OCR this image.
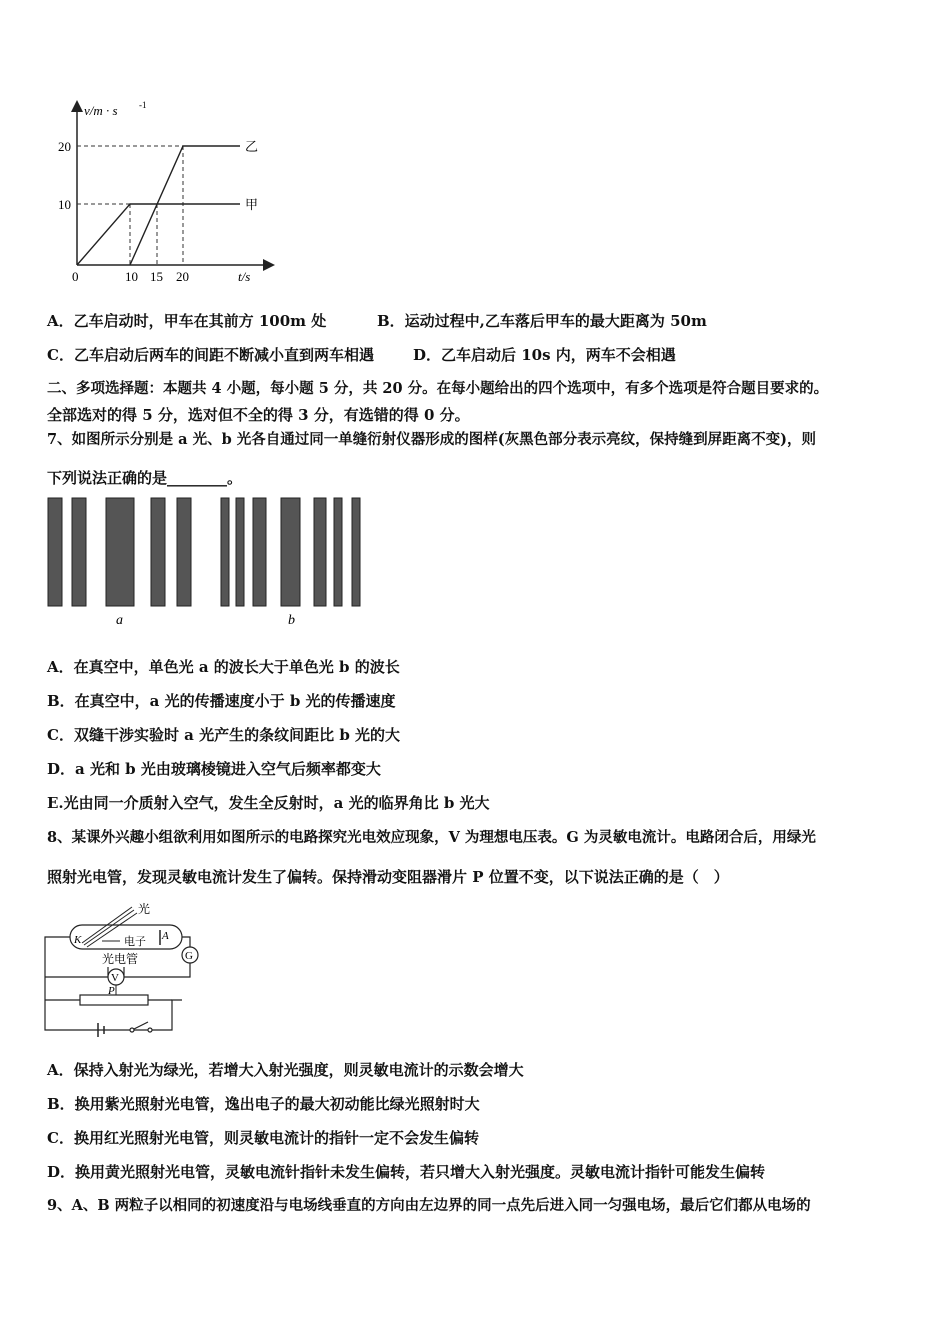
v/m · s -1
t/s
20
10
0	10 15 20
乙
甲
A．乙车启动时，甲车在其前方 100m 处	B．运动过程中,乙车落后甲车的最大距离为 50m
C．乙车启动后两车的间距不断减小直到两车相遇	D．乙车启动后 10s 内，两车不会相遇
二、多项选择题：本题共 4 小题，每小题 5 分，共 20 分。在每小题给出的四个选项中，有多个选项是符合题目要求的。
全部选对的得 5 分，选对但不全的得 3 分，有选错的得 0 分。
7、如图所示分别是 a 光、b 光各自通过同一单缝衍射仪器形成的图样(灰黑色部分表示亮纹，保持缝到屏距离不变)，则
下列说法正确的是________。
a	b
A．在真空中，单色光 a 的波长大于单色光 b 的波长
B．在真空中，a 光的传播速度小于 b 光的传播速度
C．双缝干涉实验时 a 光产生的条纹间距比 b 光的大
D．a 光和 b 光由玻璃棱镜进入空气后频率都变大
E.光由同一介质射入空气，发生全反射时，a 光的临界角比 b 光大
8、某课外兴趣小组欲利用如图所示的电路探究光电效应现象，V 为理想电压表。G 为灵敏电流计。电路闭合后，用绿光
照射光电管，发现灵敏电流计发生了偏转。保持滑动变阻器滑片 P 位置不变，以下说法正确的是（　）
光
K	A
电子
光电管	G
V
P
A．保持入射光为绿光，若增大入射光强度，则灵敏电流计的示数会增大
B．换用紫光照射光电管，逸出电子的最大初动能比绿光照射时大
C．换用红光照射光电管，则灵敏电流计的指针一定不会发生偏转
D．换用黄光照射光电管，灵敏电流针指针未发生偏转，若只增大入射光强度。灵敏电流计指针可能发生偏转
9、A、B 两粒子以相同的初速度沿与电场线垂直的方向由左边界的同一点先后进入同一匀强电场，最后它们都从电场的
